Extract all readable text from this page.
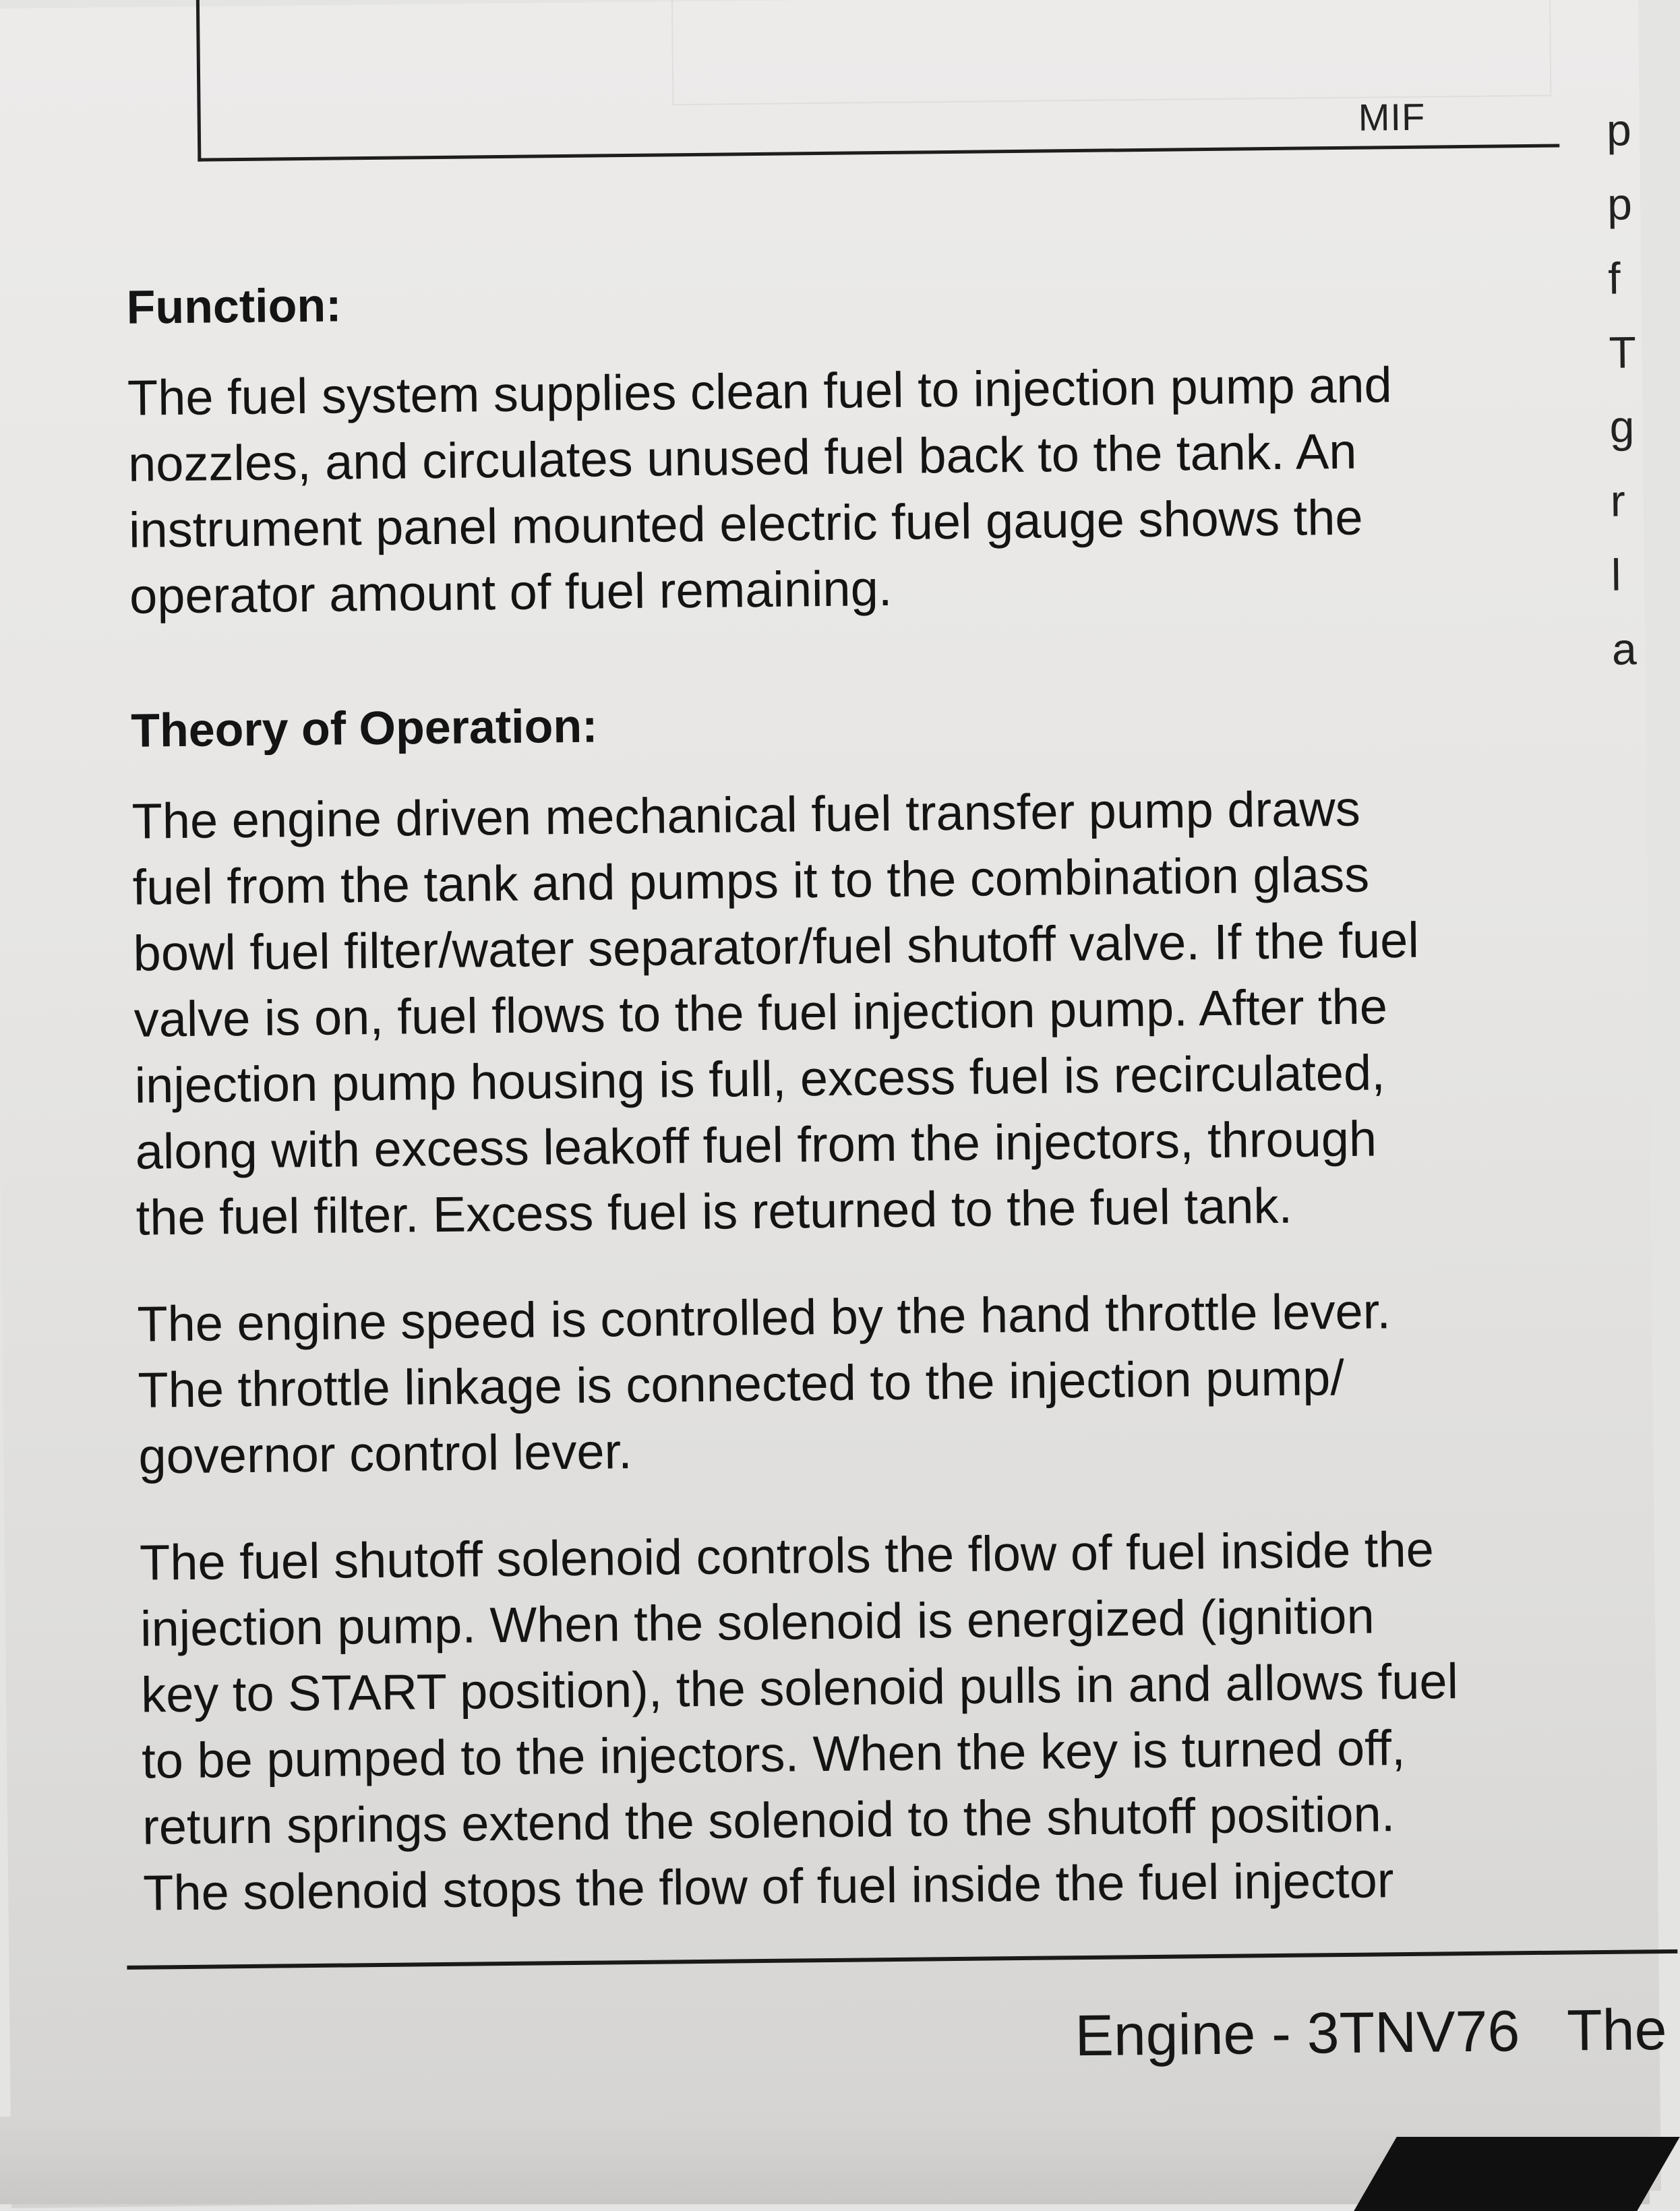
MIF	p
p
f
T
g
r
l
a
Function:

The fuel system supplies clean fuel to injection pump and
nozzles, and circulates unused fuel back to the tank. An
instrument panel mounted electric fuel gauge shows the
operator amount of fuel remaining.

Theory of Operation:

The engine driven mechanical fuel transfer pump draws
fuel from the tank and pumps it to the combination glass
bowl fuel filter/water separator/fuel shutoff valve. If the fuel
valve is on, fuel flows to the fuel injection pump. After the
injection pump housing is full, excess fuel is recirculated,
along with excess leakoff fuel from the injectors, through
the fuel filter. Excess fuel is returned to the fuel tank.

The engine speed is controlled by the hand throttle lever.
The throttle linkage is connected to the injection pump/
governor control lever.

The fuel shutoff solenoid controls the flow of fuel inside the
injection pump. When the solenoid is energized (ignition
key to START position), the solenoid pulls in and allows fuel
to be pumped to the injectors. When the key is turned off,
return springs extend the solenoid to the shutoff position.
The solenoid stops the flow of fuel inside the fuel injector

Engine - 3TNV76 The
